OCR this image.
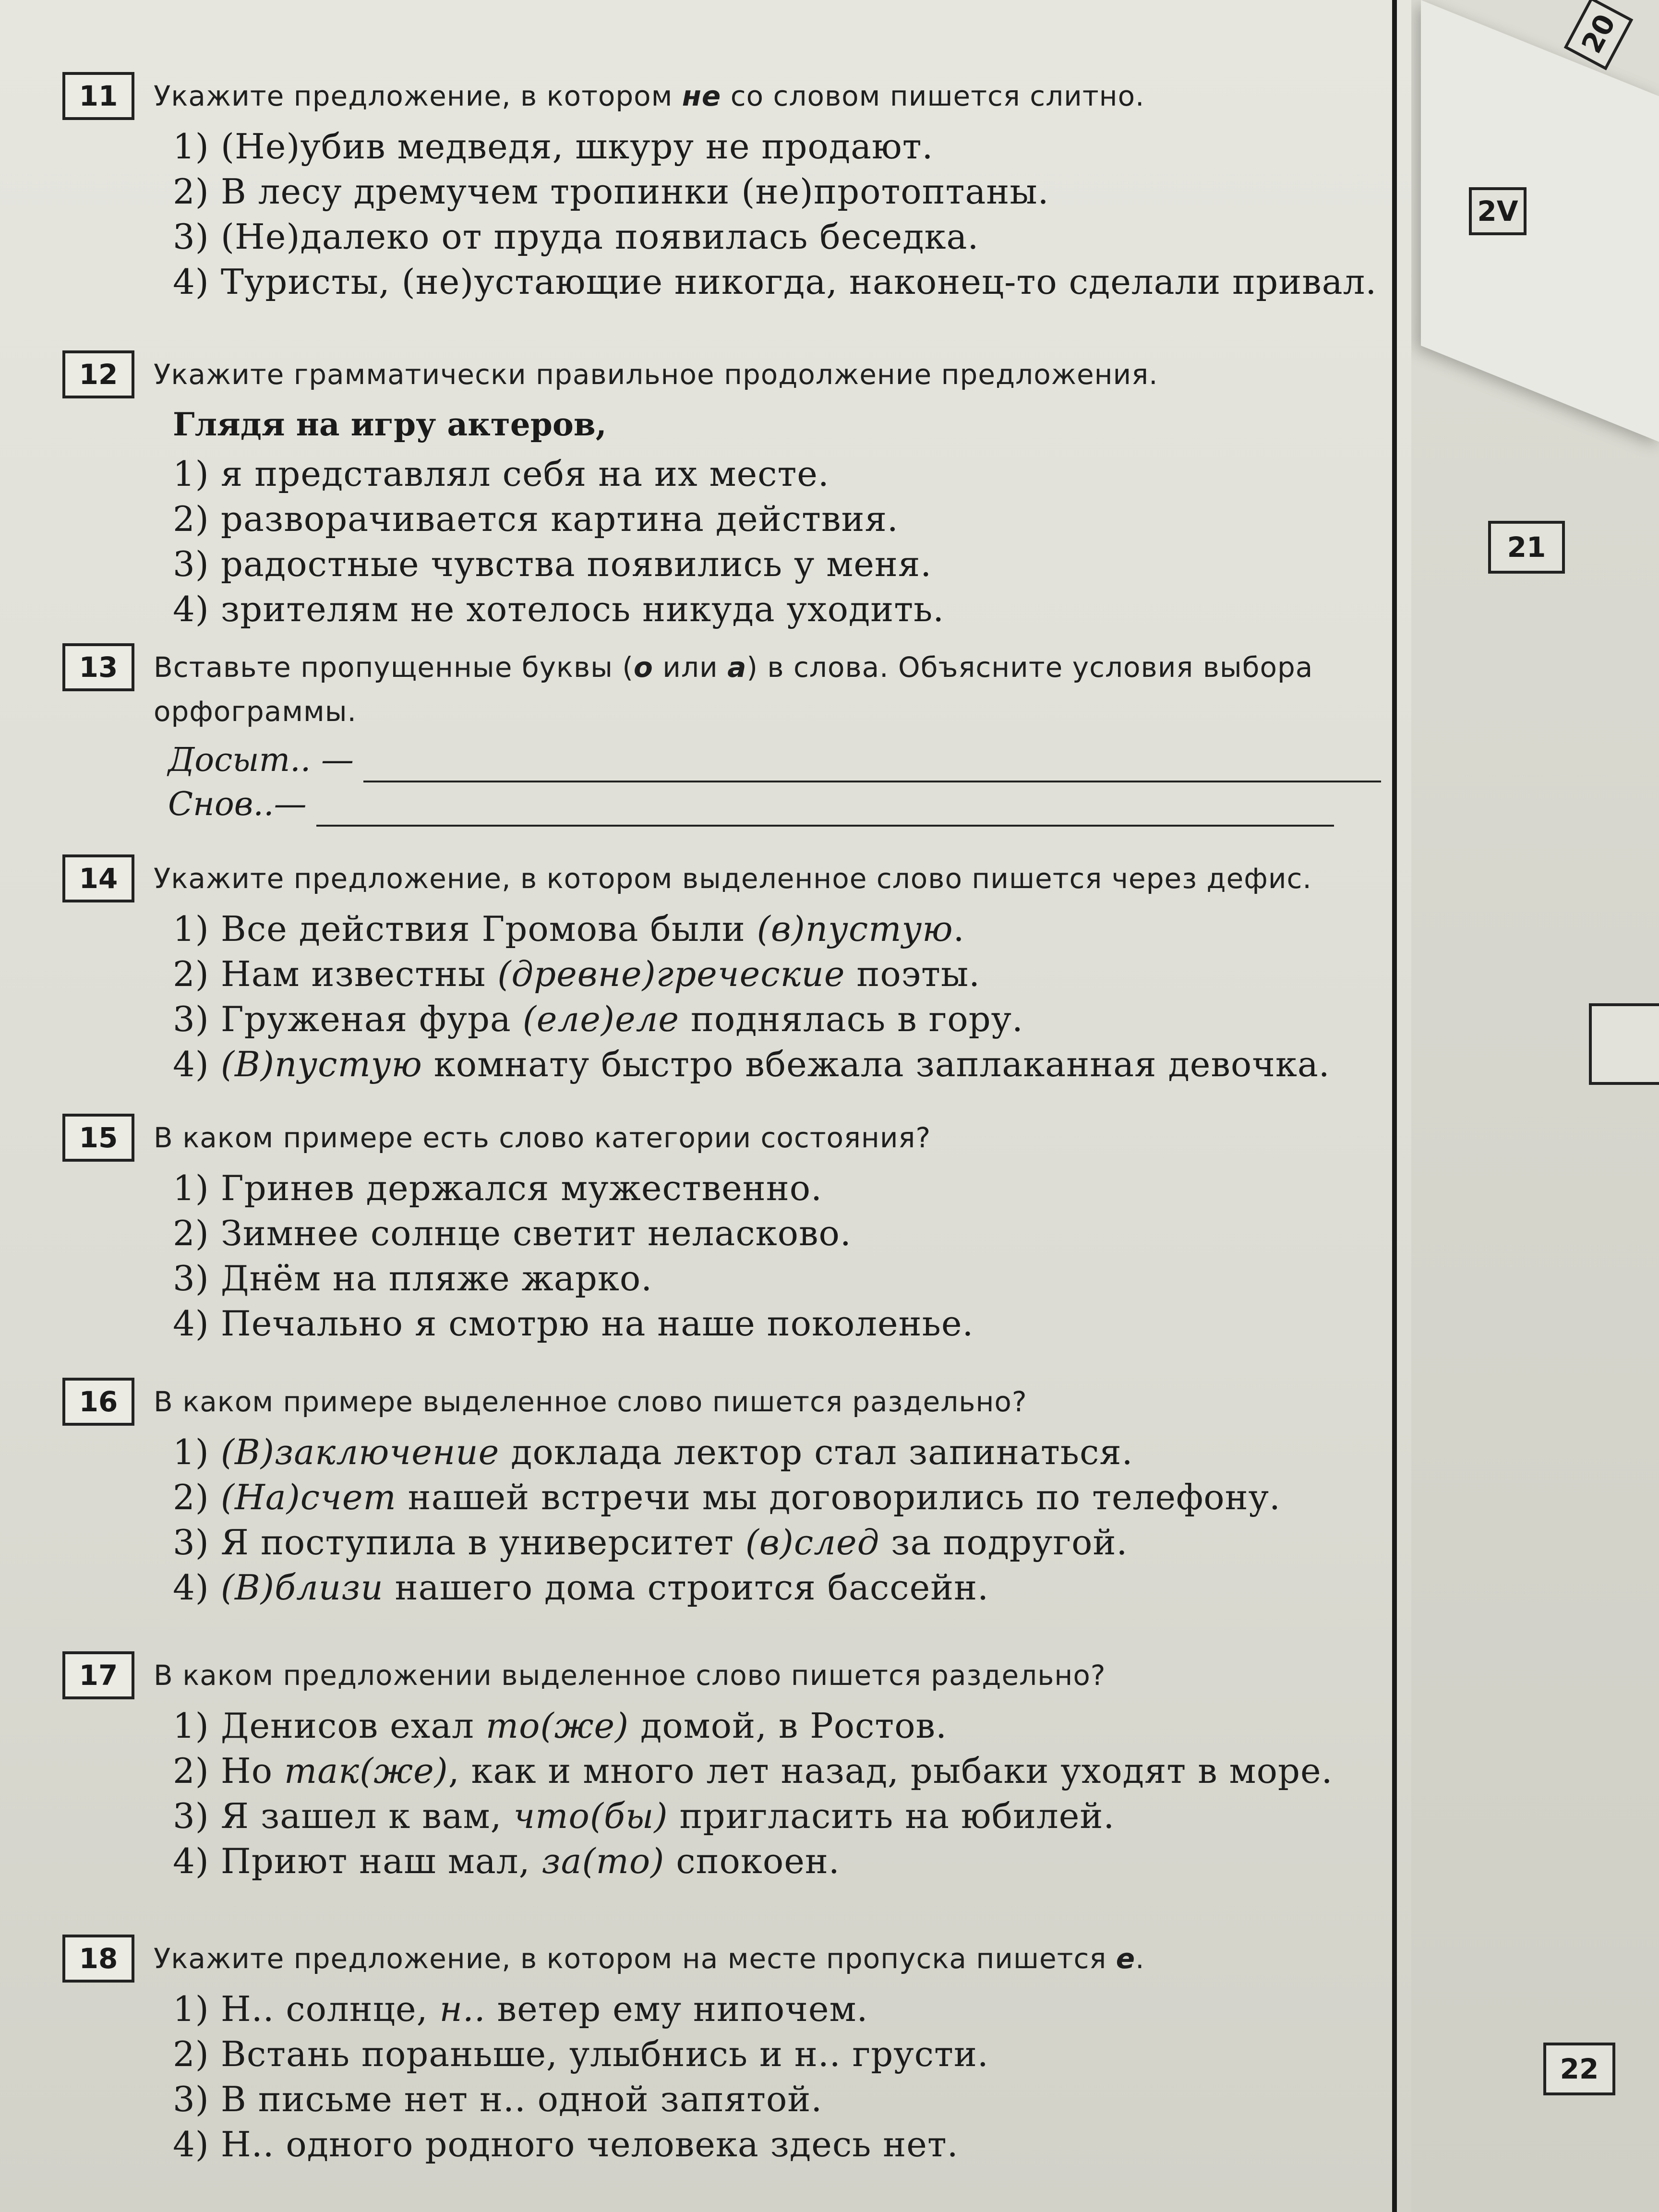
20
2V
21
22
11	Укажите предложение, в котором не со словом пишется слитно.
1) (Не)убив медведя, шкуру не продают.
2) В лесу дремучем тропинки (не)протоптаны.
3) (Не)далеко от пруда появилась беседка.
4) Туристы, (не)устающие никогда, наконец-то сделали привал.
12	Укажите грамматически правильное продолжение предложения.
Глядя на игру актеров,
1) я представлял себя на их месте.
2) разворачивается картина действия.
3) радостные чувства появились у меня.
4) зрителям не хотелось никуда уходить.
13	Вставьте пропущенные буквы (о или а) в слова. Объясните условия выбора орфограммы.
Досыт.. —
Снов..—
14	Укажите предложение, в котором выделенное слово пишется через дефис.
1) Все действия Громова были (в)пустую.
2) Нам известны (древне)греческие поэты.
3) Груженая фура (еле)еле поднялась в гору.
4) (В)пустую комнату быстро вбежала заплаканная девочка.
15	В каком примере есть слово категории состояния?
1) Гринев держался мужественно.
2) Зимнее солнце светит неласково.
3) Днём на пляже жарко.
4) Печально я смотрю на наше поколенье.
16	В каком примере выделенное слово пишется раздельно?
1) (В)заключение доклада лектор стал запинаться.
2) (На)счет нашей встречи мы договорились по телефону.
3) Я поступила в университет (в)след за подругой.
4) (В)близи нашего дома строится бассейн.
17	В каком предложении выделенное слово пишется раздельно?
1) Денисов ехал то(же) домой, в Ростов.
2) Но так(же), как и много лет назад, рыбаки уходят в море.
3) Я зашел к вам, что(бы) пригласить на юбилей.
4) Приют наш мал, за(то) спокоен.
18	Укажите предложение, в котором на месте пропуска пишется е.
1) Н.. солнце, н.. ветер ему нипочем.
2) Встань пораньше, улыбнись и н.. грусти.
3) В письме нет н.. одной запятой.
4) Н.. одного родного человека здесь нет.
